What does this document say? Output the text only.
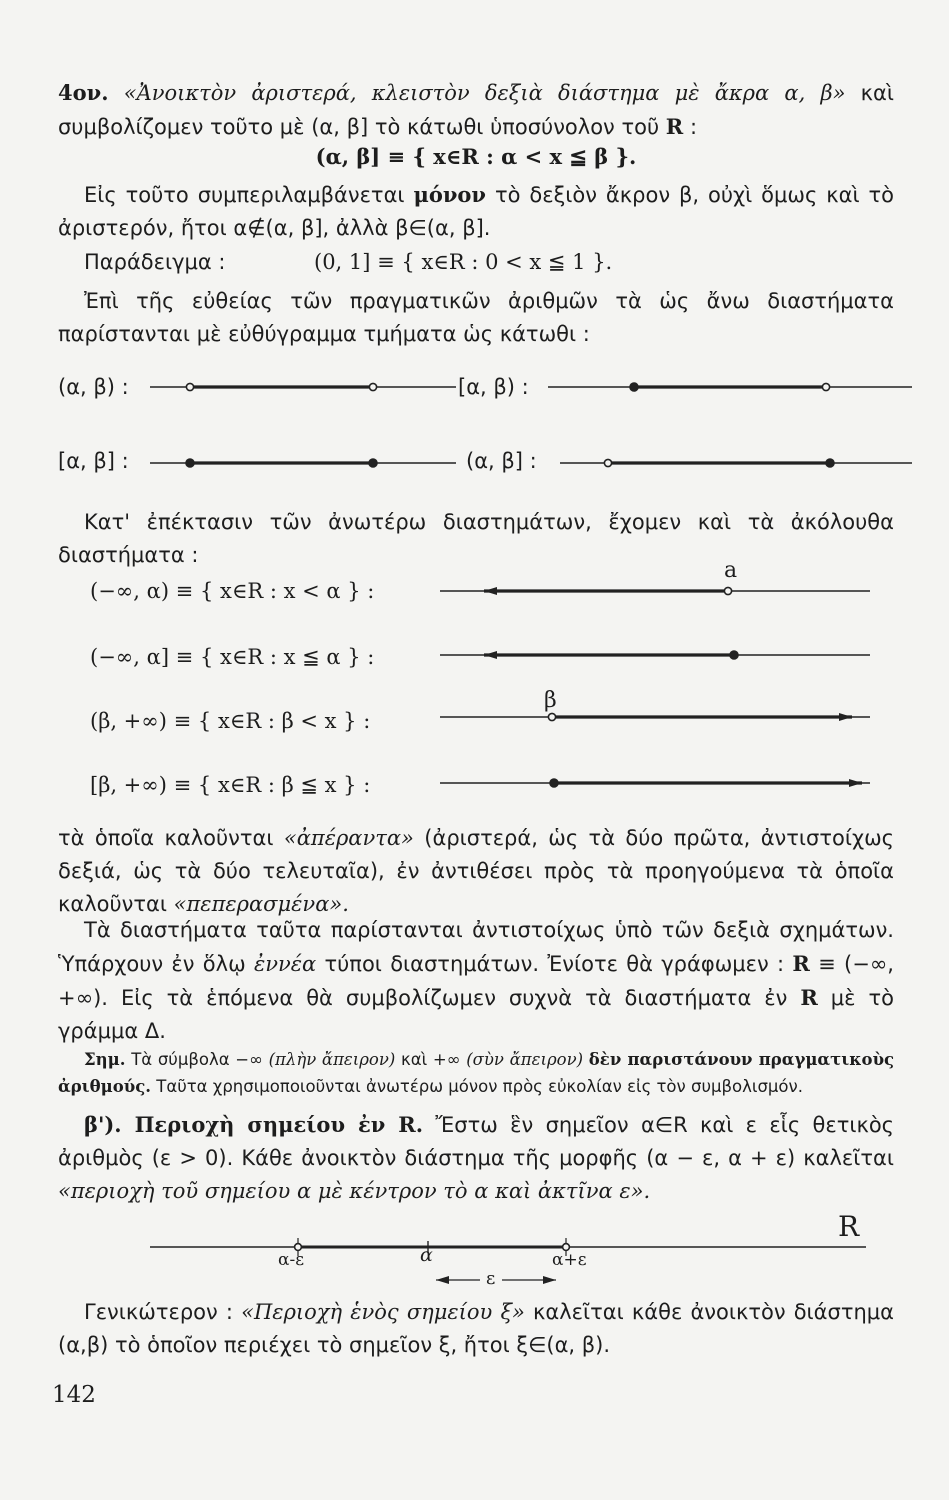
4ον. «Ἀνοικτὸν ἀριστερά, κλειστὸν δεξιὰ διάστημα μὲ ἄκρα α, β» καὶ συμβολίζομεν τοῦτο μὲ (α, β] τὸ κάτωθι ὑποσύνολον τοῦ R :
(α, β] ≡ { x∈R : α < x ≦ β }.
Εἰς τοῦτο συμπεριλαμβάνεται μόνον τὸ δεξιὸν ἄκρον β, οὐχὶ ὅμως καὶ τὸ ἀριστερόν, ἤτοι α∉(α, β], ἀλλὰ β∈(α, β].
Παράδειγμα :	(0, 1] ≡ { x∈R : 0 < x ≦ 1 }.
Ἐπὶ τῆς εὐθείας τῶν πραγματικῶν ἀριθμῶν τὰ ὡς ἄνω διαστήματα παρίστανται μὲ εὐθύγραμμα τμήματα ὡς κάτωθι :
(α, β) :	[α, β) :
[α, β] :	(α, β] :
Κατ' ἐπέκτασιν τῶν ἀνωτέρω διαστημάτων, ἔχομεν καὶ τὰ ἀκόλουθα διαστήματα :
(−∞, α) ≡ { x∈R : x < α } :
(−∞, α] ≡ { x∈R : x ≦ α } :
(β, +∞) ≡ { x∈R : β < x } :
[β, +∞) ≡ { x∈R : β ≦ x } :
a
β
τὰ ὁποῖα καλοῦνται «ἀπέραντα» (ἀριστερά, ὡς τὰ δύο πρῶτα, ἀντιστοίχως δεξιά, ὡς τὰ δύο τελευταῖα), ἐν ἀντιθέσει πρὸς τὰ προηγούμενα τὰ ὁποῖα καλοῦνται «πεπερασμένα».
Τὰ διαστήματα ταῦτα παρίστανται ἀντιστοίχως ὑπὸ τῶν δεξιὰ σχημάτων. Ὑπάρχουν ἐν ὅλῳ ἐννέα τύποι διαστημάτων. Ἐνίοτε θὰ γράφωμεν : R ≡ (−∞, +∞). Εἰς τὰ ἑπόμενα θὰ συμβολίζωμεν συχνὰ τὰ διαστήματα ἐν R μὲ τὸ γράμμα Δ.
Σημ. Τὰ σύμβολα −∞ (πλὴν ἄπειρον) καὶ +∞ (σὺν ἄπειρον) δὲν παριστάνουν πραγματικοὺς ἀριθμούς. Ταῦτα χρησιμοποιοῦνται ἀνωτέρω μόνον πρὸς εὐκολίαν εἰς τὸν συμβολισμόν.
β'). Περιοχὴ σημείου ἐν R. Ἔστω ἓν σημεῖον α∈R καὶ ε εἷς θετικὸς ἀριθμὸς (ε > 0). Κάθε ἀνοικτὸν διάστημα τῆς μορφῆς (α − ε, α + ε) καλεῖται «περιοχὴ τοῦ σημείου α μὲ κέντρον τὸ α καὶ ἀκτῖνα ε».
R
α-ε	α	α+ε
ε
Γενικώτερον : «Περιοχὴ ἑνὸς σημείου ξ» καλεῖται κάθε ἀνοικτὸν διάστημα (α,β) τὸ ὁποῖον περιέχει τὸ σημεῖον ξ, ἤτοι ξ∈(α, β).
142
